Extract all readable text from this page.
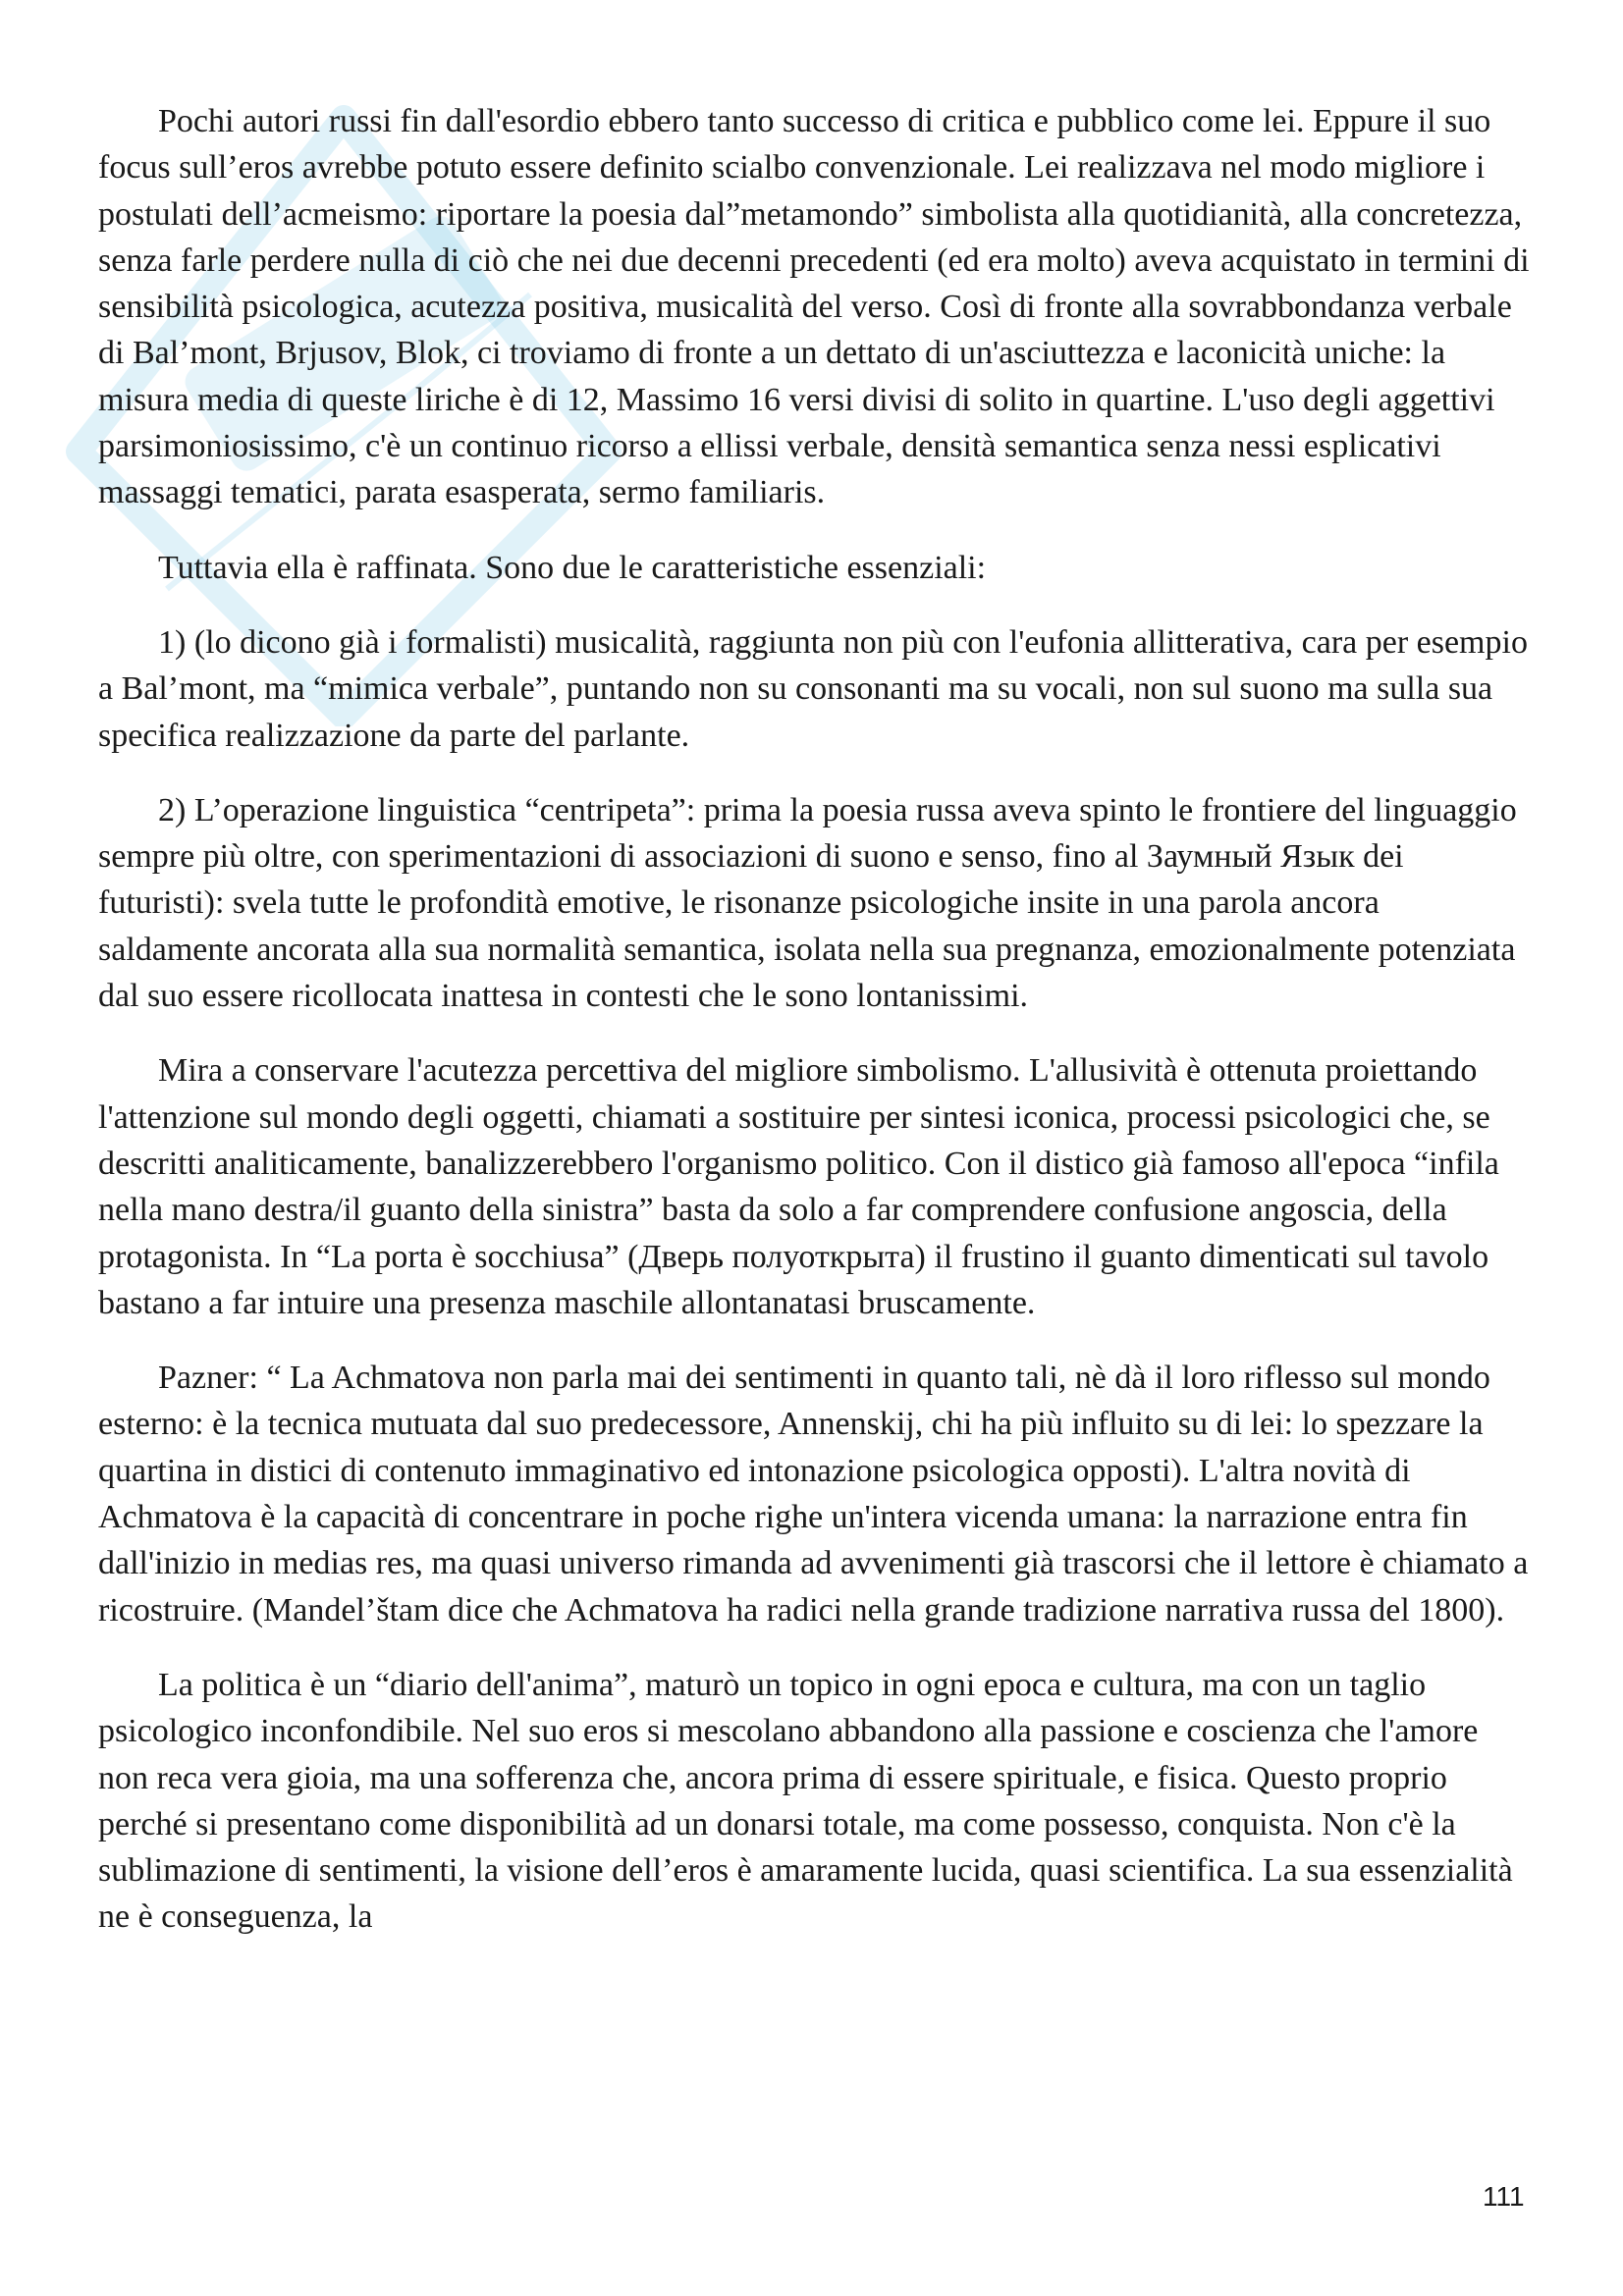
Pochi autori russi fin dall'esordio ebbero tanto successo di critica e pubblico come lei. Eppure il suo focus sull’eros avrebbe potuto essere definito scialbo convenzionale. Lei realizzava nel modo migliore i postulati dell’acmeismo: riportare la poesia dal”metamondo” simbolista alla quotidianità, alla concretezza, senza farle perdere nulla di ciò che nei due decenni precedenti (ed era molto) aveva acquistato in termini di sensibilità psicologica, acutezza positiva, musicalità del verso. Così di fronte alla sovrabbondanza verbale di Bal’mont, Brjusov, Blok, ci troviamo di fronte a un dettato di un'asciuttezza e laconicità uniche: la misura media di queste liriche è di 12, Massimo 16 versi divisi di solito in quartine. L'uso degli aggettivi parsimoniosissimo, c'è un continuo ricorso a ellissi verbale, densità semantica senza nessi esplicativi massaggi tematici, parata esasperata, sermo familiaris.

Tuttavia ella è raffinata. Sono due le caratteristiche essenziali:

1) (lo dicono già i formalisti) musicalità, raggiunta non più con l'eufonia allitterativa, cara per esempio a Bal’mont, ma “mimica verbale”, puntando non su consonanti ma su vocali, non sul suono ma sulla sua specifica realizzazione da parte del parlante.

2) L’operazione linguistica “centripeta”: prima la poesia russa aveva spinto le frontiere del linguaggio sempre più oltre, con sperimentazioni di associazioni di suono e senso, fino al Заумный Язык dei futuristi): svela tutte le profondità emotive, le risonanze psicologiche insite in una parola ancora saldamente ancorata alla sua normalità semantica, isolata nella sua pregnanza, emozionalmente potenziata dal suo essere ricollocata inattesa in contesti che le sono lontanissimi.

Mira a conservare l'acutezza percettiva del migliore simbolismo. L'allusività è ottenuta proiettando l'attenzione sul mondo degli oggetti, chiamati a sostituire per sintesi iconica, processi psicologici che, se descritti analiticamente, banalizzerebbero l'organismo politico. Con il distico già famoso all'epoca “infila nella mano destra/il guanto della sinistra” basta da solo a far comprendere confusione angoscia, della protagonista. In “La porta è socchiusa” (Дверь полуоткрыта) il frustino il guanto dimenticati sul tavolo bastano a far intuire una presenza maschile allontanatasi bruscamente.

Pazner: “ La Achmatova non parla mai dei sentimenti in quanto tali, nè dà il loro riflesso sul mondo esterno: è la tecnica mutuata dal suo predecessore, Annenskij, chi ha più influito su di lei: lo spezzare la quartina in distici di contenuto immaginativo ed intonazione psicologica opposti). L'altra novità di Achmatova è la capacità di concentrare in poche righe un'intera vicenda umana: la narrazione entra fin dall'inizio in medias res, ma quasi universo rimanda ad avvenimenti già trascorsi che il lettore è chiamato a ricostruire. (Mandel’štam dice che Achmatova ha radici nella grande tradizione narrativa russa del 1800).

La politica è un “diario dell'anima”, maturò un topico in ogni epoca e cultura, ma con un taglio psicologico inconfondibile. Nel suo eros si mescolano abbandono alla passione e coscienza che l'amore non reca vera gioia, ma una sofferenza che, ancora prima di essere spirituale, e fisica. Questo proprio perché si presentano come disponibilità ad un donarsi totale, ma come possesso, conquista. Non c'è la sublimazione di sentimenti, la visione dell’eros è amaramente lucida, quasi scientifica. La sua essenzialità ne è conseguenza, la

111
